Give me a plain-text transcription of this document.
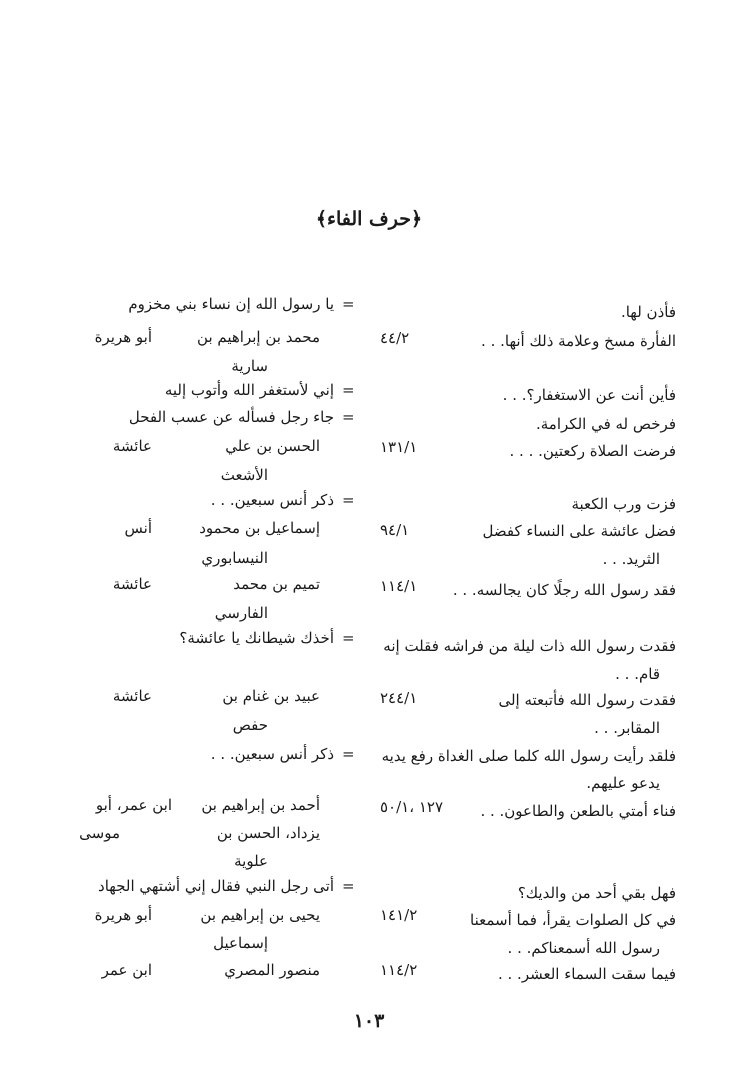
﴿حرف الفاء﴾
فأذن لها.
=
يا رسول الله إن نساء بني مخزوم
الفأرة مسخ وعلامة ذلك أنها. . .
٤٤/٢
محمد بن إبراهيم بن
سارية
أبو هريرة
فأين أنت عن الاستغفار؟. . .
=
إني لأستغفر الله وأتوب إليه
فرخص له في الكرامة.
=
جاء رجل فسأله عن عسب الفحل
فرضت الصلاة ركعتين. . . .
١٣١/١
الحسن بن علي
الأشعث
عائشة
فزت ورب الكعبة
=
ذكر أنس سبعين. . .
فضل عائشة على النساء كفضل
الثريد. . .
٩٤/١
إسماعيل بن محمود
النيسابوري
أنس
فقد رسول الله رجلًا كان يجالسه. . .
١١٤/١
تميم بن محمد
الفارسي
عائشة
فقدت رسول الله ذات ليلة من فراشه فقلت إنه
قام. . .
=
أخذك شيطانك يا عائشة؟
فقدت رسول الله فأتبعته إلى
المقابر. . .
٢٤٤/١
عبيد بن غنام بن
حفص
عائشة
فلقد رأيت رسول الله كلما صلى الغداة رفع يديه
يدعو عليهم.
=
ذكر أنس سبعين. . .
فناء أمتي بالطعن والطاعون. . .
١٢٧ ،٥٠/١
أحمد بن إبراهيم بن
يزداد، الحسن بن
علوية
ابن عمر، أبو
موسى
فهل بقي أحد من والديك؟
=
أتى رجل النبي فقال إني أشتهي الجهاد
في كل الصلوات يقرأ، فما أسمعنا
رسول الله أسمعناكم. . .
١٤١/٢
يحيى بن إبراهيم بن
إسماعيل
أبو هريرة
فيما سقت السماء العشر. . .
١١٤/٢
منصور المصري
ابن عمر
١٠٣
